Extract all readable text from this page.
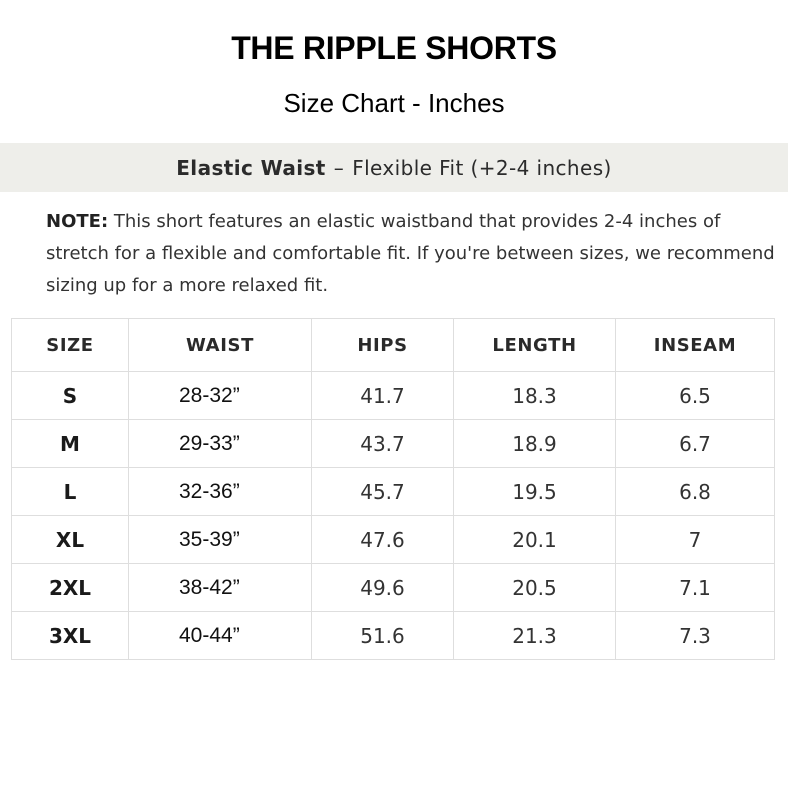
THE RIPPLE SHORTS
Size Chart - Inches
Elastic Waist – Flexible Fit (+2-4 inches)
NOTE: This short features an elastic waistband that provides 2-4 inches of stretch for a flexible and comfortable fit. If you're between sizes, we recommend sizing up for a more relaxed fit.
SIZE	WAIST	HIPS	LENGTH	INSEAM
S	28-32”	41.7	18.3	6.5
M	29-33”	43.7	18.9	6.7
L	32-36”	45.7	19.5	6.8
XL	35-39”	47.6	20.1	7
2XL	38-42”	49.6	20.5	7.1
3XL	40-44”	51.6	21.3	7.3
